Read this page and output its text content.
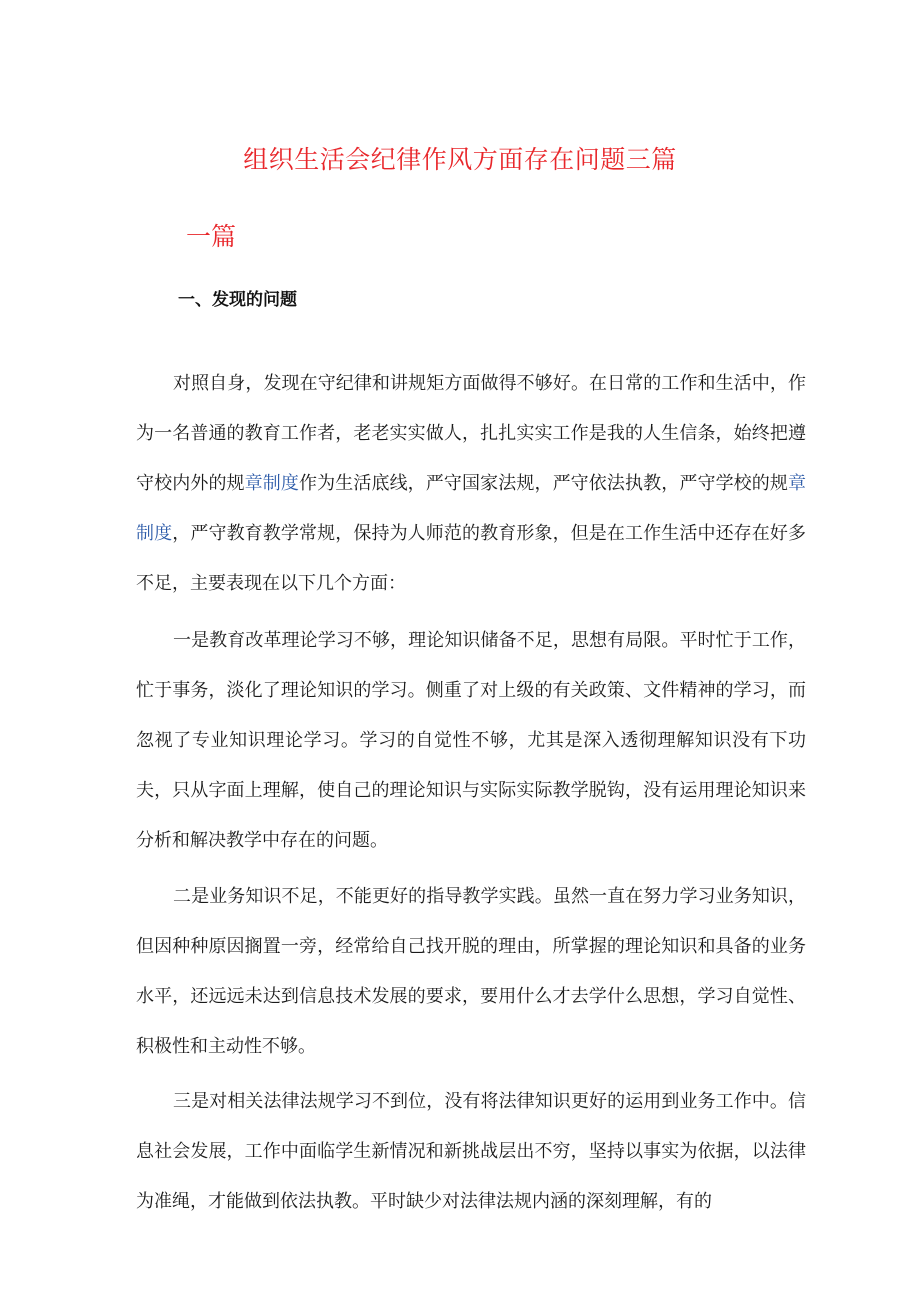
组织生活会纪律作风方面存在问题三篇
一篇
一、发现的问题

对照自身，发现在守纪律和讲规矩方面做得不够好。在日常的工作和生活中，作为一名普通的教育工作者，老老实实做人，扎扎实实工作是我的人生信条，始终把遵守校内外的规章制度作为生活底线，严守国家法规，严守依法执教，严守学校的规章制度，严守教育教学常规，保持为人师范的教育形象，但是在工作生活中还存在好多不足，主要表现在以下几个方面：

一是教育改革理论学习不够，理论知识储备不足，思想有局限。平时忙于工作，忙于事务，淡化了理论知识的学习。侧重了对上级的有关政策、文件精神的学习，而忽视了专业知识理论学习。学习的自觉性不够，尤其是深入透彻理解知识没有下功夫，只从字面上理解，使自己的理论知识与实际实际教学脱钩，没有运用理论知识来分析和解决教学中存在的问题。

二是业务知识不足，不能更好的指导教学实践。虽然一直在努力学习业务知识，但因种种原因搁置一旁，经常给自己找开脱的理由，所掌握的理论知识和具备的业务水平，还远远未达到信息技术发展的要求，要用什么才去学什么思想，学习自觉性、积极性和主动性不够。

三是对相关法律法规学习不到位，没有将法律知识更好的运用到业务工作中。信息社会发展，工作中面临学生新情况和新挑战层出不穷，坚持以事实为依据，以法律为准绳，才能做到依法执教。平时缺少对法律法规内涵的深刻理解，有的
